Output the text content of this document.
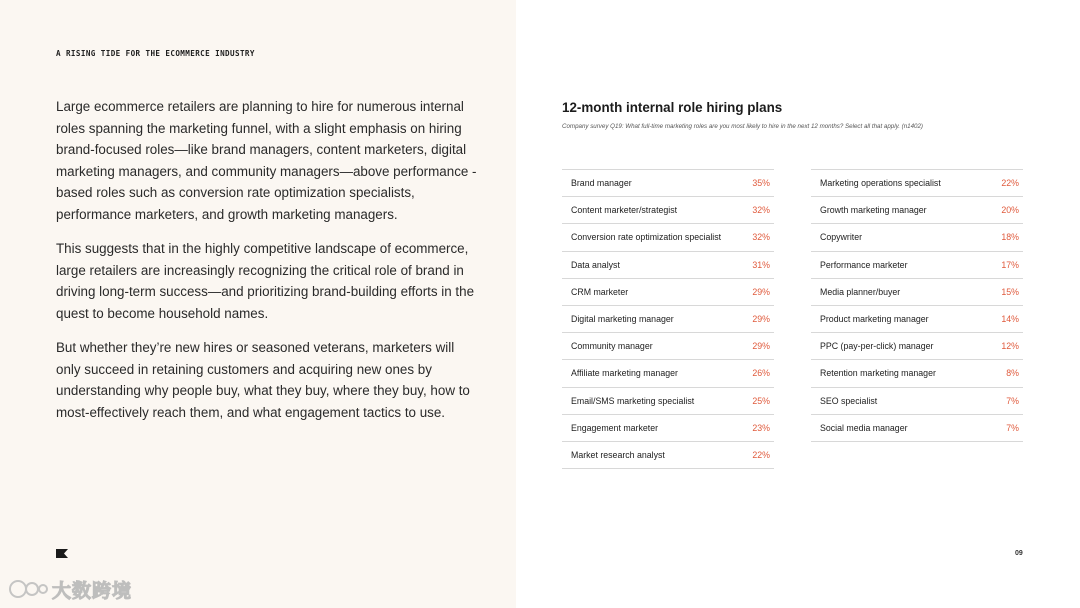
A RISING TIDE FOR THE ECOMMERCE INDUSTRY

Large ecommerce retailers are planning to hire for numerous internal roles spanning the marketing funnel, with a slight emphasis on hiring brand-focused roles—like brand managers, content marketers, digital marketing managers, and community managers—above performance -based roles such as conversion rate optimization specialists, performance marketers, and growth marketing managers.

This suggests that in the highly competitive landscape of ecommerce, large retailers are increasingly recognizing the critical role of brand in driving long-term success—and prioritizing brand-building efforts in the quest to become household names.

But whether they’re new hires or seasoned veterans, marketers will only succeed in retaining customers and acquiring new ones by understanding why people buy, what they buy, where they buy, how to most-effectively reach them, and what engagement tactics to use.

12-month internal role hiring plans
Company survey Q19: What full-time marketing roles are you most likely to hire in the next 12 months? Select all that apply. (n1402)
Brand manager	35%
Content marketer/strategist	32%
Conversion rate optimization specialist	32%
Data analyst	31%
CRM marketer	29%
Digital marketing manager	29%
Community manager	29%
Affiliate marketing manager	26%
Email/SMS marketing specialist	25%
Engagement marketer	23%
Market research analyst	22%
Marketing operations specialist	22%
Growth marketing manager	20%
Copywriter	18%
Performance marketer	17%
Media planner/buyer	15%
Product marketing manager	14%
PPC (pay-per-click) manager	12%
Retention marketing manager	8%
SEO specialist	7%
Social media manager	7%
09
大数跨境
